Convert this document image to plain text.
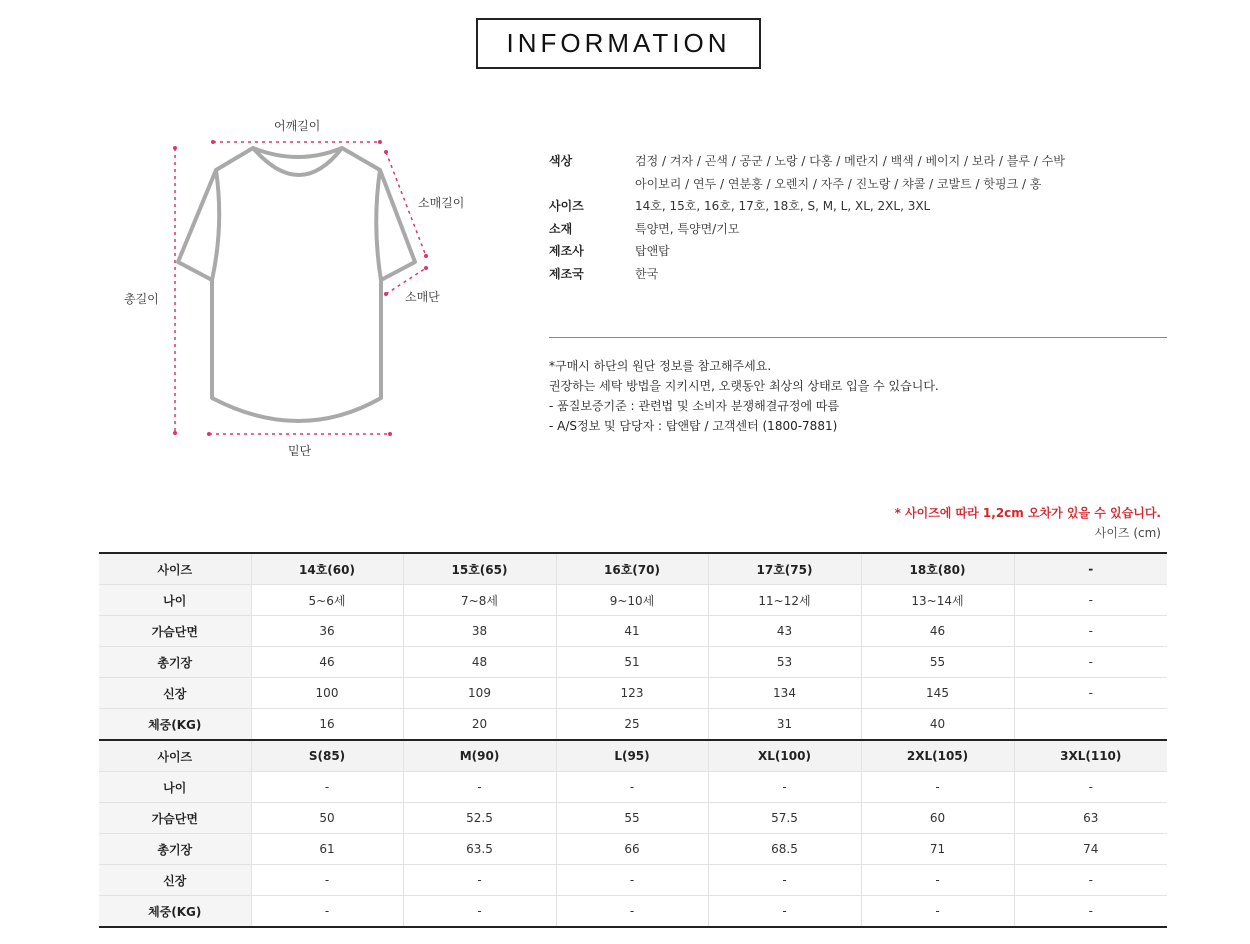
INFORMATION
어깨길이
소매길이
소매단
총길이
밑단
색상	검정 / 겨자 / 곤색 / 공군 / 노랑 / 다홍 / 메란지 / 백색 / 베이지 / 보라 / 블루 / 수박
아이보리 / 연두 / 연분홍 / 오렌지 / 자주 / 진노랑 / 챠콜 / 코발트 / 핫핑크 / 홍
사이즈	14호, 15호, 16호, 17호, 18호, S, M, L, XL, 2XL, 3XL
소재	특양면, 특양면/기모
제조사	탑앤탑
제조국	한국
*구매시 하단의 원단 정보를 참고해주세요.
권장하는 세탁 방법을 지키시면, 오랫동안 최상의 상태로 입을 수 있습니다.
- 품질보증기준 : 관련법 및 소비자 분쟁해결규정에 따름
- A/S정보 및 담당자 : 탑앤탑 / 고객센터 (1800-7881)
* 사이즈에 따라 1,2cm 오차가 있을 수 있습니다.
사이즈 (cm)
사이즈	14호(60)	15호(65)	16호(70)	17호(75)	18호(80)	-
나이	5~6세	7~8세	9~10세	11~12세	13~14세	-
가슴단면	36	38	41	43	46	-
총기장	46	48	51	53	55	-
신장	100	109	123	134	145	-
체중(KG)	16	20	25	31	40	
사이즈	S(85)	M(90)	L(95)	XL(100)	2XL(105)	3XL(110)
나이	-	-	-	-	-	-
가슴단면	50	52.5	55	57.5	60	63
총기장	61	63.5	66	68.5	71	74
신장	-	-	-	-	-	-
체중(KG)	-	-	-	-	-	-
